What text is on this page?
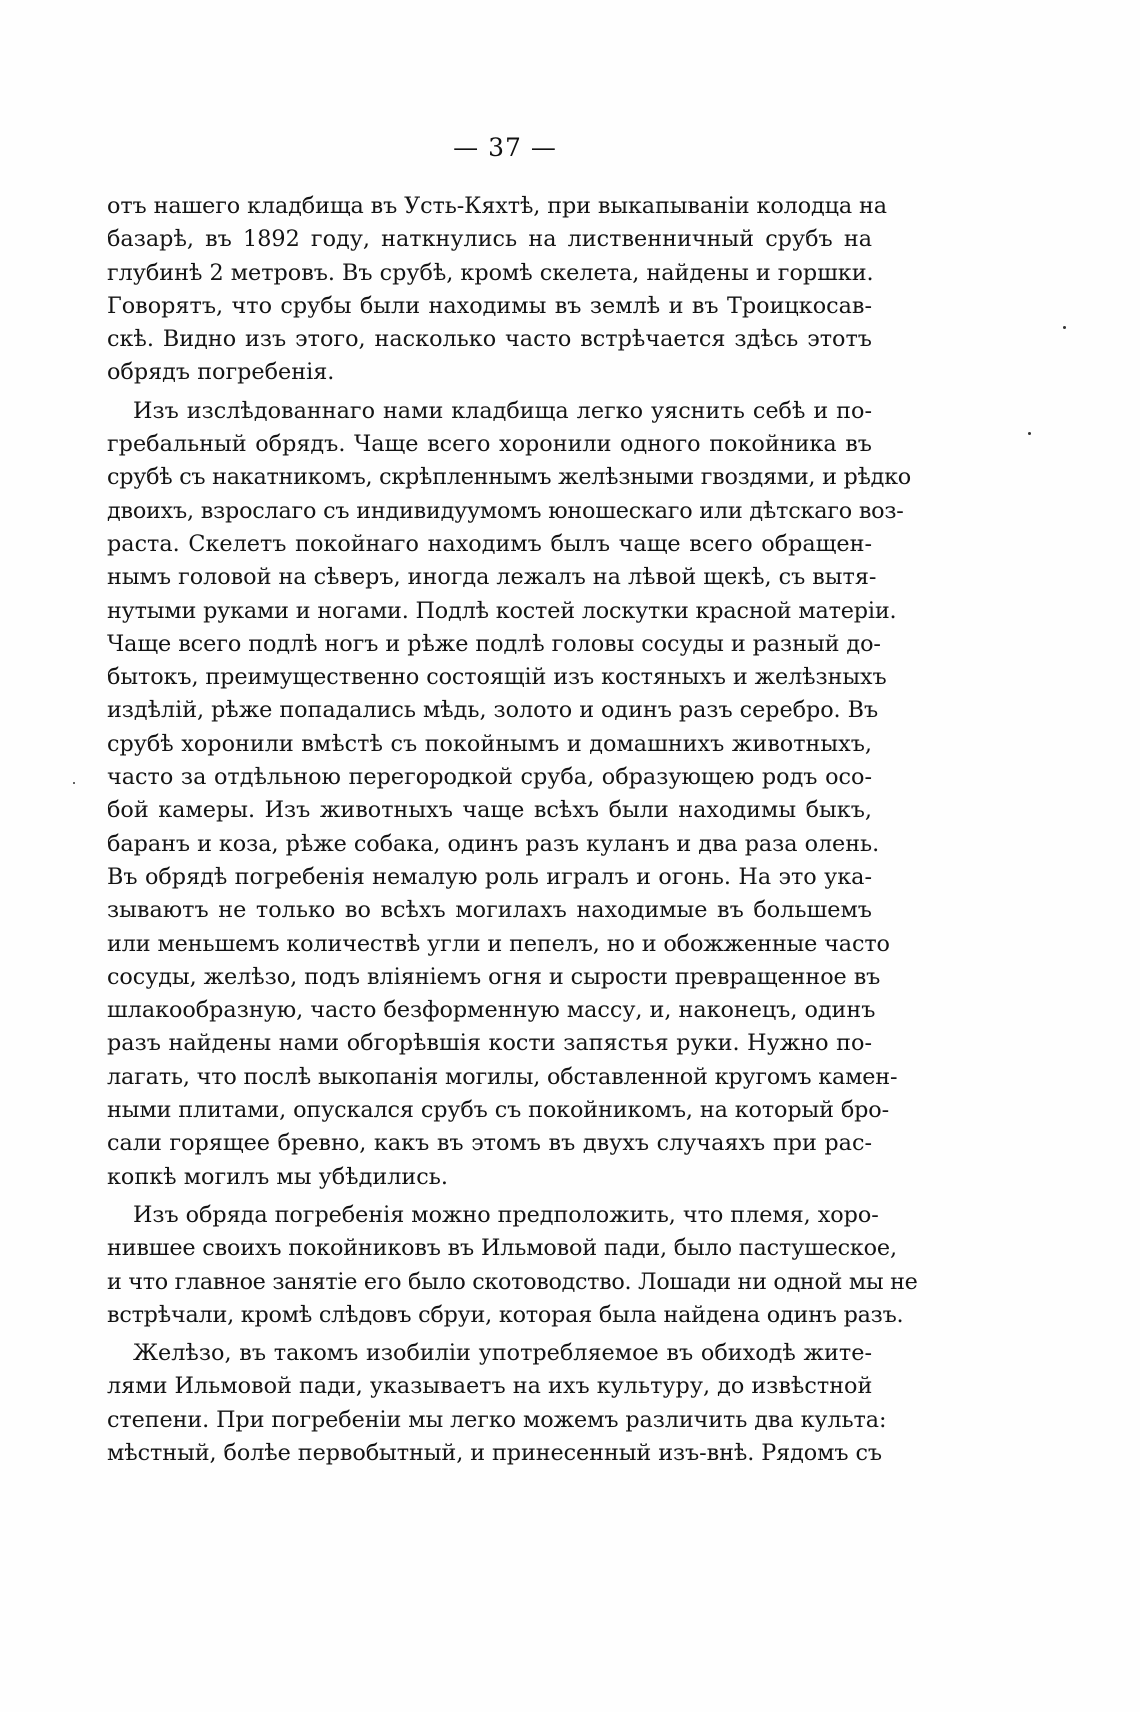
— 37 —
отъ нашего кладбища въ Усть-Кяхтѣ, при выкапываніи колодца на
базарѣ, въ 1892 году, наткнулись на лиственничный срубъ на
глубинѣ 2 метровъ. Въ срубѣ, кромѣ скелета, найдены и горшки.
Говорятъ, что срубы были находимы въ землѣ и въ Троицкосав-
скѣ. Видно изъ этого, насколько часто встрѣчается здѣсь этотъ
обрядъ погребенія.
Изъ изслѣдованнаго нами кладбища легко уяснить себѣ и по-
гребальный обрядъ. Чаще всего хоронили одного покойника въ
срубѣ съ накатникомъ, скрѣпленнымъ желѣзными гвоздями, и рѣдко
двоихъ, взрослаго съ индивидуумомъ юношескаго или дѣтскаго воз-
раста. Скелетъ покойнаго находимъ былъ чаще всего обращен-
нымъ головой на сѣверъ, иногда лежалъ на лѣвой щекѣ, съ вытя-
нутыми руками и ногами. Подлѣ костей лоскутки красной матеріи.
Чаще всего подлѣ ногъ и рѣже подлѣ головы сосуды и разный до-
бытокъ, преимущественно состоящій изъ костяныхъ и желѣзныхъ
издѣлій, рѣже попадались мѣдь, золото и одинъ разъ серебро. Въ
срубѣ хоронили вмѣстѣ съ покойнымъ и домашнихъ животныхъ,
часто за отдѣльною перегородкой сруба, образующею родъ осо-
бой камеры. Изъ животныхъ чаще всѣхъ были находимы быкъ,
баранъ и коза, рѣже собака, одинъ разъ куланъ и два раза олень.
Въ обрядѣ погребенія немалую роль игралъ и огонь. На это ука-
зываютъ не только во всѣхъ могилахъ находимые въ большемъ
или меньшемъ количествѣ угли и пепелъ, но и обожженные часто
сосуды, желѣзо, подъ вліяніемъ огня и сырости превращенное въ
шлакообразную, часто безформенную массу, и, наконецъ, одинъ
разъ найдены нами обгорѣвшія кости запястья руки. Нужно по-
лагать, что послѣ выкопанія могилы, обставленной кругомъ камен-
ными плитами, опускался срубъ съ покойникомъ, на который бро-
сали горящее бревно, какъ въ этомъ въ двухъ случаяхъ при рас-
копкѣ могилъ мы убѣдились.
Изъ обряда погребенія можно предположить, что племя, хоро-
нившее своихъ покойниковъ въ Ильмовой пади, было пастушеское,
и что главное занятіе его было скотоводство. Лошади ни одной мы не
встрѣчали, кромѣ слѣдовъ сбруи, которая была найдена одинъ разъ.
Желѣзо, въ такомъ изобиліи употребляемое въ обиходѣ жите-
лями Ильмовой пади, указываетъ на ихъ культуру, до извѣстной
степени. При погребеніи мы легко можемъ различить два культа:
мѣстный, болѣе первобытный, и принесенный изъ-внѣ. Рядомъ съ
